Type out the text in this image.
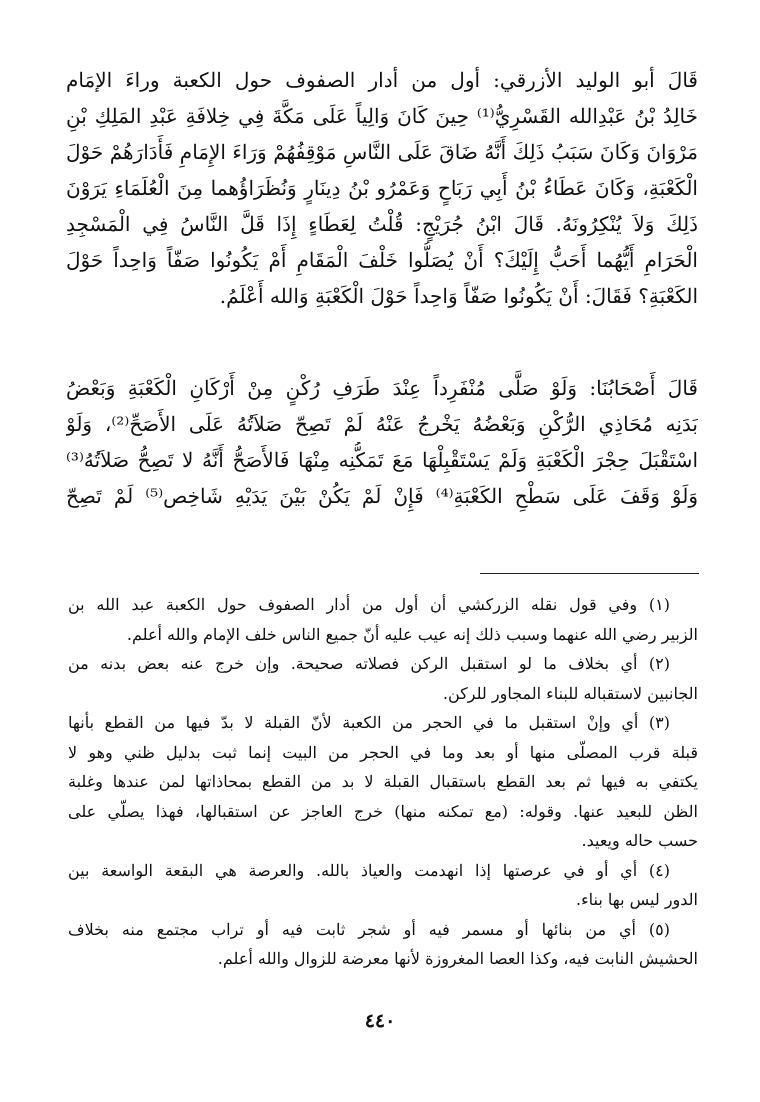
قَالَ أبو الوليد الأزرقي: أول من أدار الصفوف حول الكعبة وراءَ الإمَام
خَالِدُ بْنُ عَبْدِالله القَسْرِيُّ⁽¹⁾ حِينَ كَانَ وَالِياً عَلَى مَكَّةَ فِي خِلافَةِ عَبْدِ المَلِكِ بْنِ
مَرْوَانَ وَكَانَ سَبَبُ ذَلِكَ أَنَّهُ ضَاقَ عَلَى النَّاسِ مَوْقِفُهُمْ وَرَاءَ الإِمَامِ فَأَدَارَهُمْ حَوْلَ
الْكَعْبَةِ، وَكَانَ عَطَاءُ بْنُ أَبِي رَبَاحٍ وَعَمْرُو بْنُ دِينَارٍ وَنُظَرَاؤُهما مِنَ الْعُلَمَاءِ يَرَوْنَ
ذَلِكَ وَلاَ يُنْكِرُونَهُ. قَالَ ابْنُ جُرَيْجٍ: قُلْتُ لِعَطَاءٍ إِذَا قَلَّ النَّاسُ فِي الْمَسْجِدِ
الْحَرَامِ أَيُّهُما أَحَبُّ إِلَيْكَ؟ أَنْ يُصَلُّوا خَلْفَ الْمَقَامِ أَمْ يَكُونُوا صَفّاً وَاحِداً حَوْلَ
الكَعْبَةِ؟ فَقَالَ: أَنْ يَكُونُوا صَفّاً وَاحِداً حَوْلَ الْكَعْبَةِ وَالله أَعْلَمُ.
قَالَ أَصْحَابُنَا: وَلَوْ صَلَّى مُنْفَرِداً عِنْدَ طَرَفِ رُكْنٍ مِنْ أَرْكَانِ الْكَعْبَةِ وَبَعْضُ
بَدَنِه مُحَاذِي الرُّكْنِ وَبَعْضُهُ يَخْرجُ عَنْهُ لَمْ تَصِحّ صَلاَتُهُ عَلَى الأَصَحِّ⁽²⁾، وَلَوْ
اسْتَقْبَلَ حِجْرَ الْكَعْبَةِ وَلَمْ يَسْتَقْبِلْهَا مَعَ تَمَكُّنِه مِنْهَا فَالأَصَحُّ أَنَّهُ لا تَصِحُّ صَلاَتُهُ⁽³⁾
وَلَوْ وَقَفَ عَلَى سَطْحِ الكَعْبَةِ⁽⁴⁾ فَإِنْ لَمْ يَكُنْ بَيْنَ يَدَيْهِ شَاخِص⁽⁵⁾ لَمْ تَصِحّ
(١) وفي قول نقله الزركشي أن أول من أدار الصفوف حول الكعبة عبد الله بن
الزبير رضي الله عنهما وسبب ذلك إنه عيب عليه أنّ جميع الناس خلف الإمام والله أعلم.
(٢) أي بخلاف ما لو استقبل الركن فصلاته صحيحة. وإن خرج عنه بعض بدنه من
الجانبين لاستقباله للبناء المجاور للركن.
(٣) أي وإنْ استقبل ما في الحجر من الكعبة لأنّ القبلة لا بدّ فيها من القطع بأنها
قبلة قرب المصلّى منها أو بعد وما في الحجر من البيت إنما ثبت بدليل ظني وهو لا
يكتفي به فيها ثم بعد القطع باستقبال القبلة لا بد من القطع بمحاذاتها لمن عندها وغلبة
الظن للبعيد عنها. وقوله: (مع تمكنه منها) خرج العاجز عن استقبالها، فهذا يصلّي على
حسب حاله ويعيد.
(٤) أي أو في عرصتها إذا انهدمت والعياذ بالله. والعرصة هي البقعة الواسعة بين
الدور ليس بها بناء.
(٥) أي من بنائها أو مسمر فيه أو شجر ثابت فيه أو تراب مجتمع منه بخلاف
الحشيش النابت فيه، وكذا العصا المغروزة لأنها معرضة للزوال والله أعلم.
٤٤٠
